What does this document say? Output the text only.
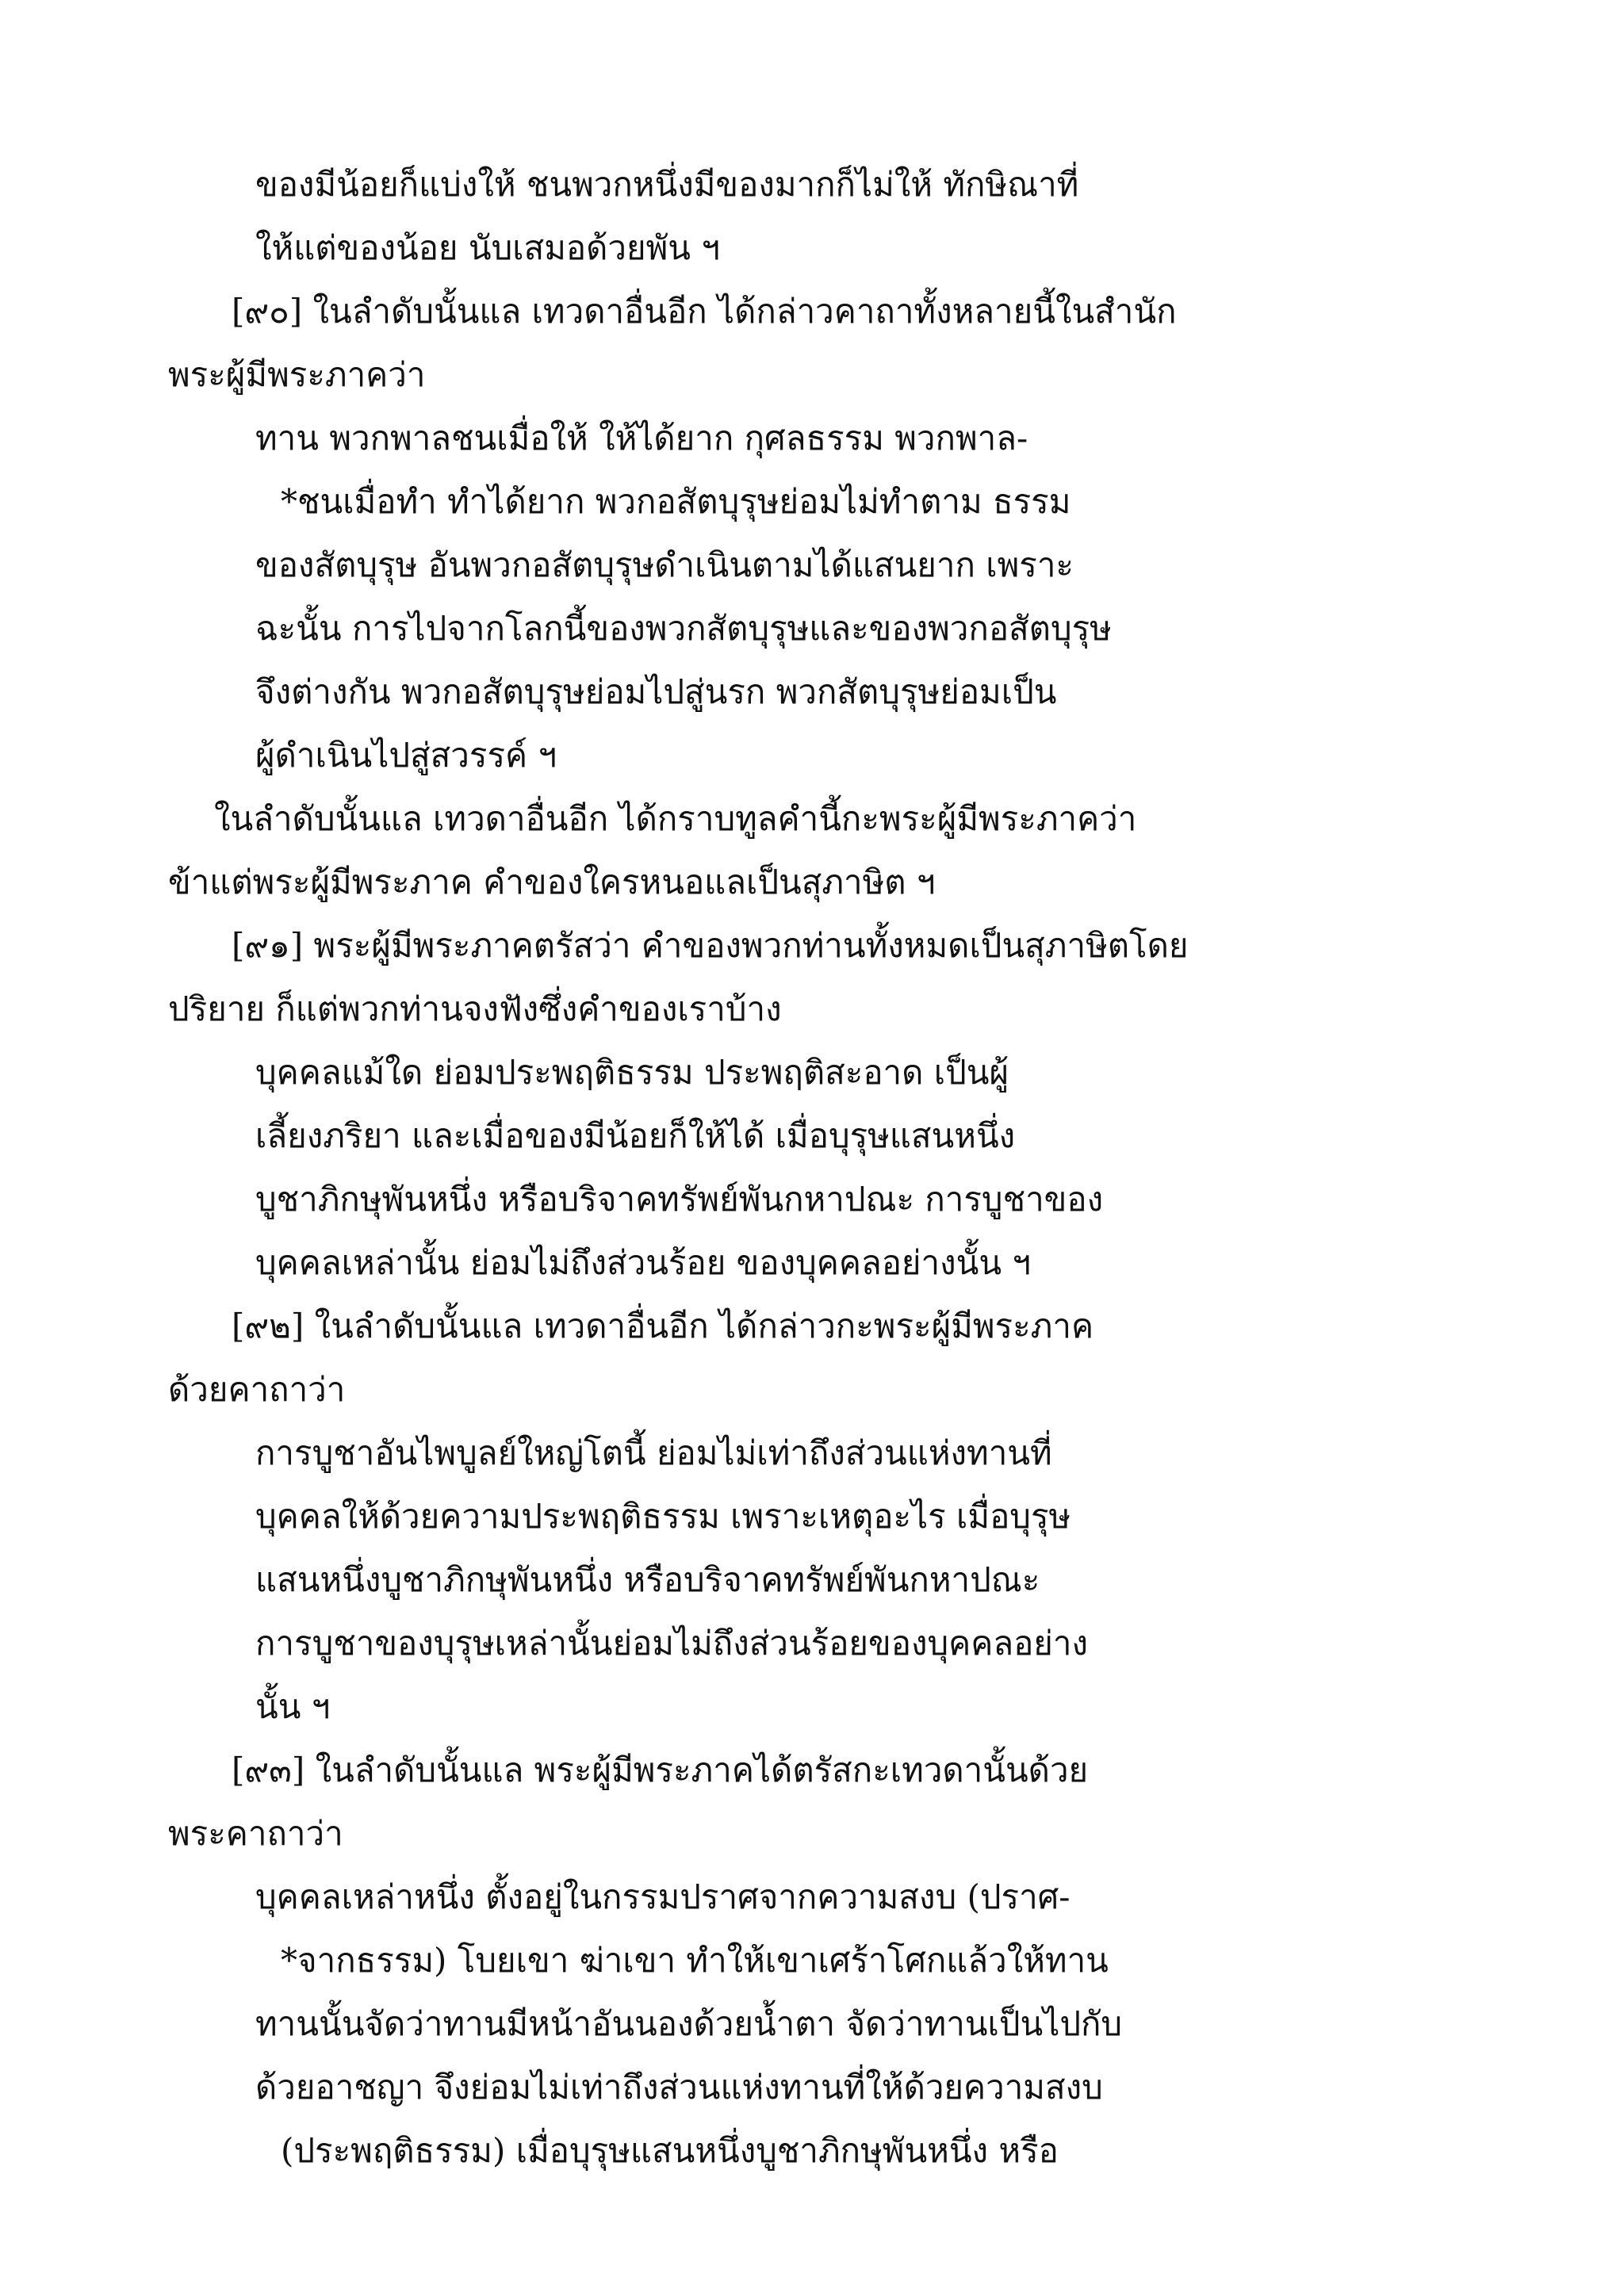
ของมีน้อยก็แบ่งให้ ชนพวกหนึ่งมีของมากก็ไม่ให้ ทักษิณาที่
ให้แต่ของน้อย นับเสมอด้วยพัน ฯ
[๙๐] ในลำดับนั้นแล เทวดาอื่นอีก ได้กล่าวคาถาทั้งหลายนี้ในสำนัก
พระผู้มีพระภาคว่า
ทาน พวกพาลชนเมื่อให้ ให้ได้ยาก กุศลธรรม พวกพาล-
*ชนเมื่อทำ ทำได้ยาก พวกอสัตบุรุษย่อมไม่ทำตาม ธรรม
ของสัตบุรุษ อันพวกอสัตบุรุษดำเนินตามได้แสนยาก เพราะ
ฉะนั้น การไปจากโลกนี้ของพวกสัตบุรุษและของพวกอสัตบุรุษ
จึงต่างกัน พวกอสัตบุรุษย่อมไปสู่นรก พวกสัตบุรุษย่อมเป็น
ผู้ดำเนินไปสู่สวรรค์ ฯ
ในลำดับนั้นแล เทวดาอื่นอีก ได้กราบทูลคำนี้กะพระผู้มีพระภาคว่า
ข้าแต่พระผู้มีพระภาค คำของใครหนอแลเป็นสุภาษิต ฯ
[๙๑] พระผู้มีพระภาคตรัสว่า คำของพวกท่านทั้งหมดเป็นสุภาษิตโดย
ปริยาย ก็แต่พวกท่านจงฟังซึ่งคำของเราบ้าง
บุคคลแม้ใด ย่อมประพฤติธรรม ประพฤติสะอาด เป็นผู้
เลี้ยงภริยา และเมื่อของมีน้อยก็ให้ได้ เมื่อบุรุษแสนหนึ่ง
บูชาภิกษุพันหนึ่ง หรือบริจาคทรัพย์พันกหาปณะ การบูชาของ
บุคคลเหล่านั้น ย่อมไม่ถึงส่วนร้อย ของบุคคลอย่างนั้น ฯ
[๙๒] ในลำดับนั้นแล เทวดาอื่นอีก ได้กล่าวกะพระผู้มีพระภาค
ด้วยคาถาว่า
การบูชาอันไพบูลย์ใหญ่โตนี้ ย่อมไม่เท่าถึงส่วนแห่งทานที่
บุคคลให้ด้วยความประพฤติธรรม เพราะเหตุอะไร เมื่อบุรุษ
แสนหนึ่งบูชาภิกษุพันหนึ่ง หรือบริจาคทรัพย์พันกหาปณะ
การบูชาของบุรุษเหล่านั้นย่อมไม่ถึงส่วนร้อยของบุคคลอย่าง
นั้น ฯ
[๙๓] ในลำดับนั้นแล พระผู้มีพระภาคได้ตรัสกะเทวดานั้นด้วย
พระคาถาว่า
บุคคลเหล่าหนึ่ง ตั้งอยู่ในกรรมปราศจากความสงบ (ปราศ-
*จากธรรม) โบยเขา ฆ่าเขา ทำให้เขาเศร้าโศกแล้วให้ทาน
ทานนั้นจัดว่าทานมีหน้าอันนองด้วยน้ำตา จัดว่าทานเป็นไปกับ
ด้วยอาชญา จึงย่อมไม่เท่าถึงส่วนแห่งทานที่ให้ด้วยความสงบ
(ประพฤติธรรม) เมื่อบุรุษแสนหนึ่งบูชาภิกษุพันหนึ่ง หรือ
